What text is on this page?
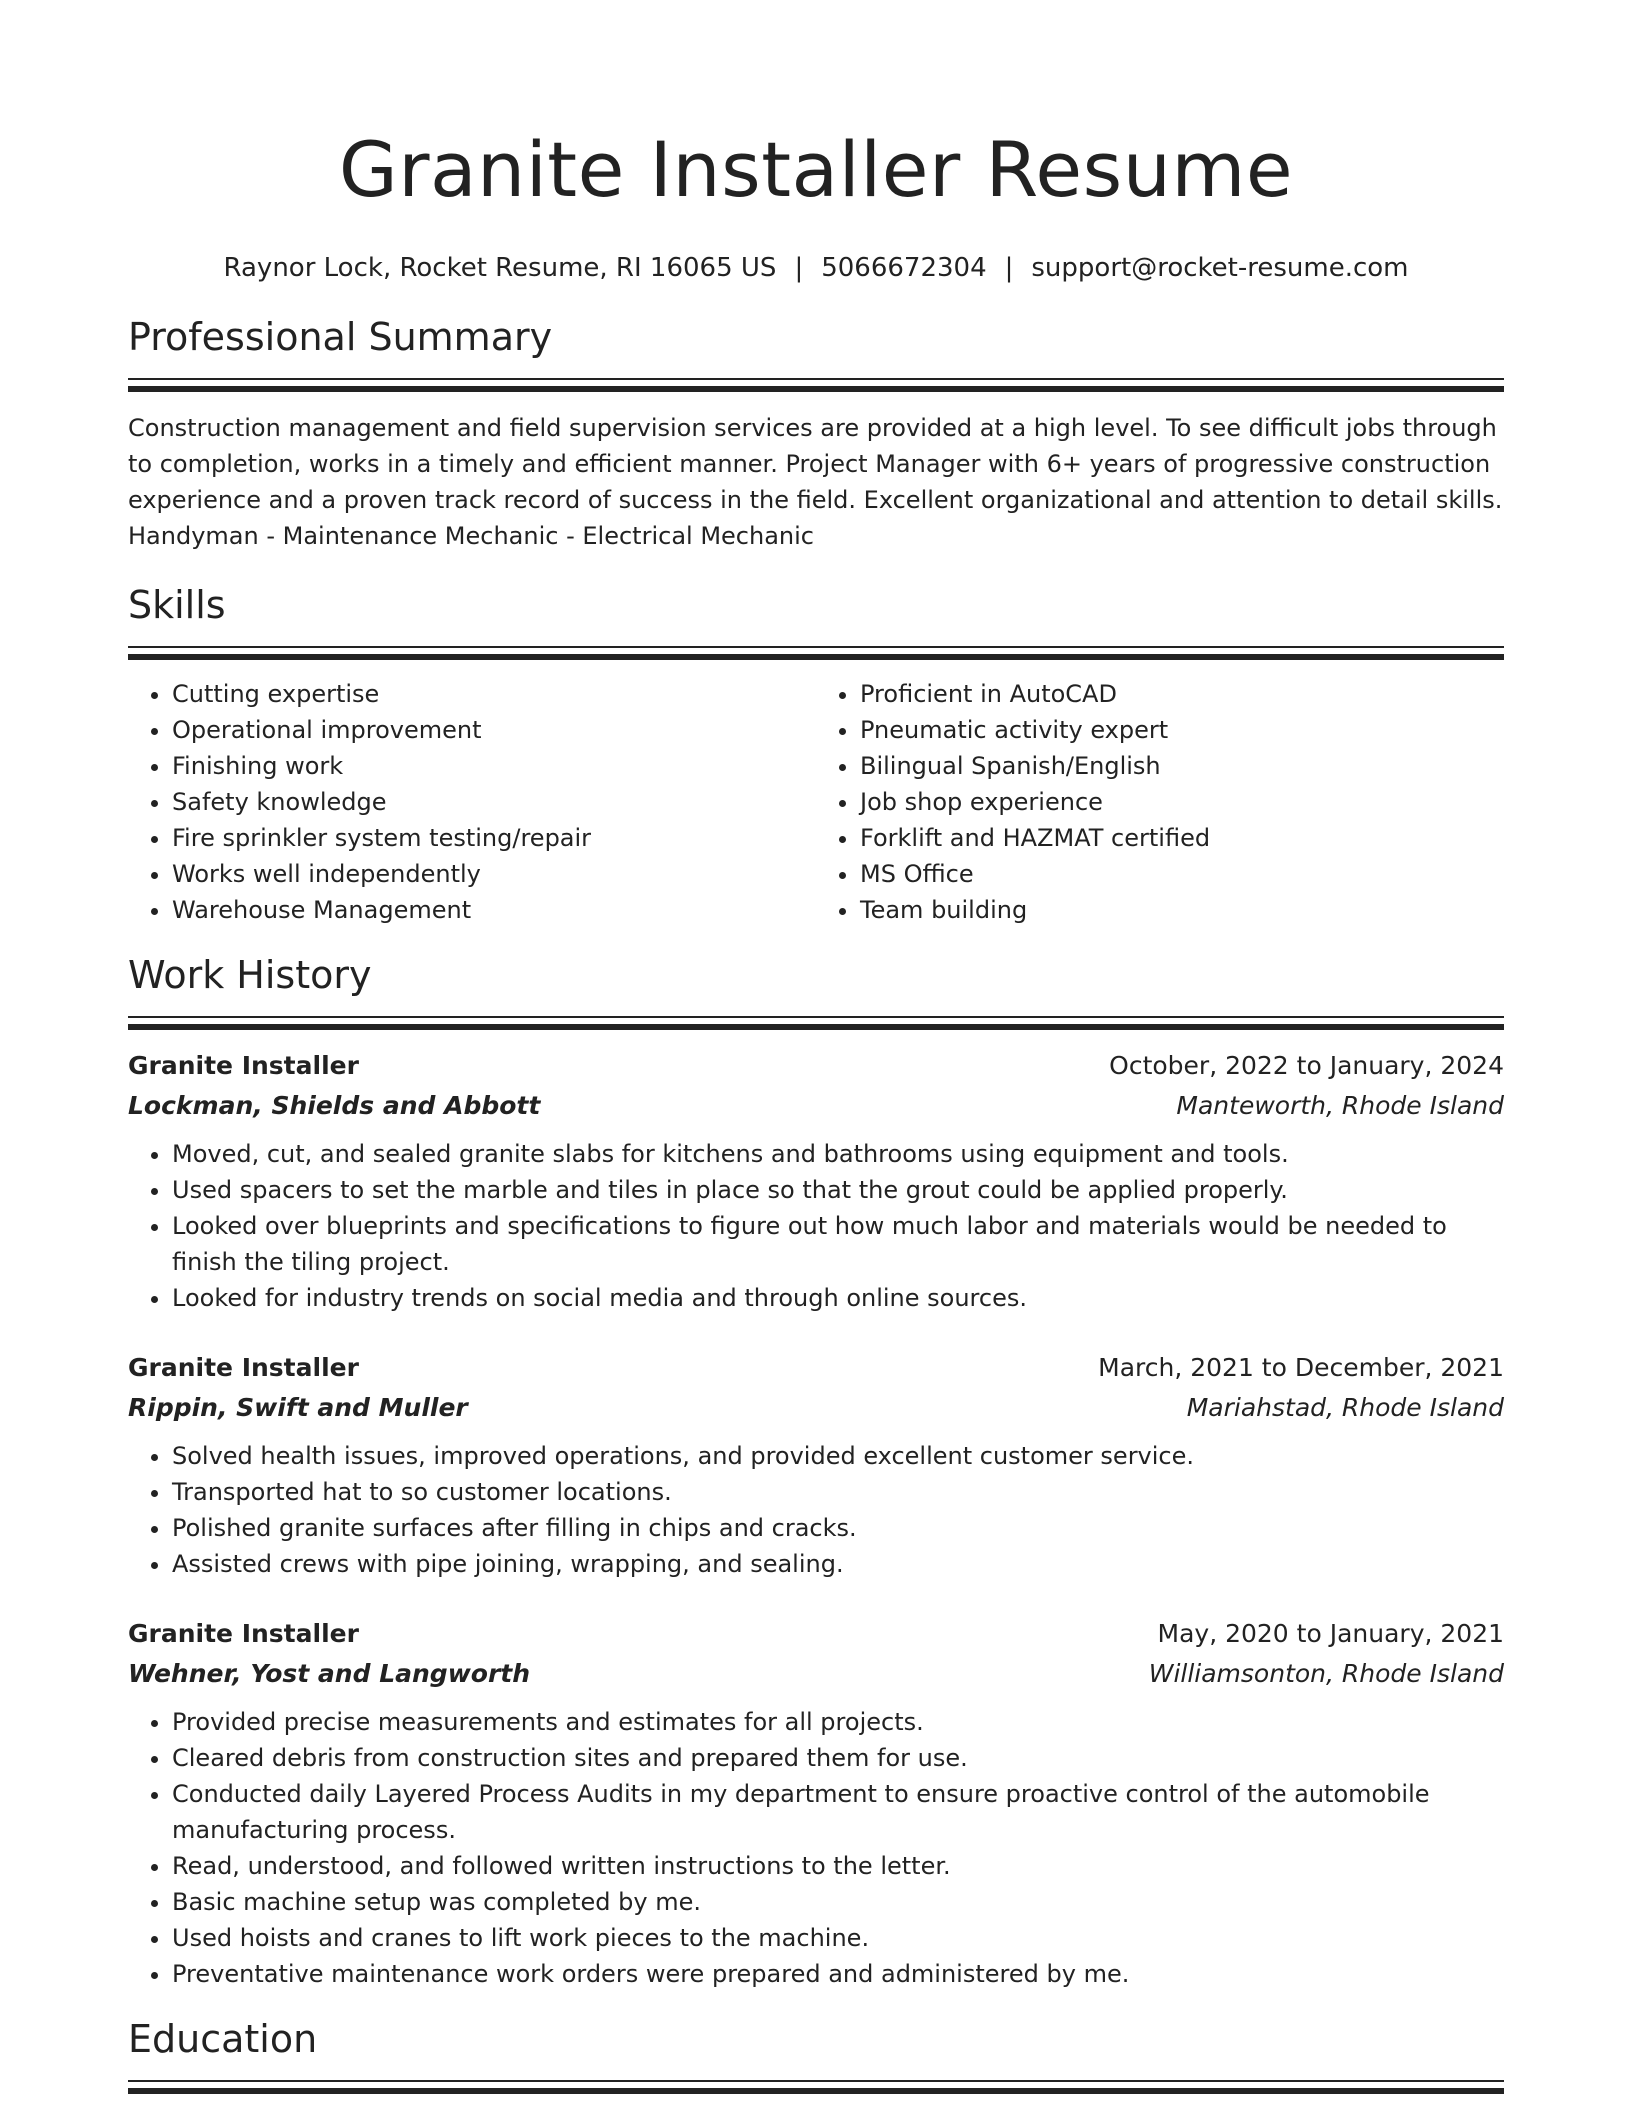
Granite Installer Resume
Raynor Lock, Rocket Resume, RI 16065 US | 5066672304 | support@rocket-resume.com
Professional Summary

Construction management and field supervision services are provided at a high level. To see difficult jobs through to completion, works in a timely and efficient manner. Project Manager with 6+ years of progressive construction experience and a proven track record of success in the field. Excellent organizational and attention to detail skills. Handyman - Maintenance Mechanic - Electrical Mechanic

Skills
• Cutting expertise
• Operational improvement
• Finishing work
• Safety knowledge
• Fire sprinkler system testing/repair
• Works well independently
• Warehouse Management
• Proficient in AutoCAD
• Pneumatic activity expert
• Bilingual Spanish/English
• Job shop experience
• Forklift and HAZMAT certified
• MS Office
• Team building
Work History
Granite Installer	October, 2022 to January, 2024
Lockman, Shields and Abbott	Manteworth, Rhode Island
• Moved, cut, and sealed granite slabs for kitchens and bathrooms using equipment and tools.
• Used spacers to set the marble and tiles in place so that the grout could be applied properly.
• Looked over blueprints and specifications to figure out how much labor and materials would be needed to finish the tiling project.
• Looked for industry trends on social media and through online sources.
Granite Installer	March, 2021 to December, 2021
Rippin, Swift and Muller	Mariahstad, Rhode Island
• Solved health issues, improved operations, and provided excellent customer service.
• Transported hat to so customer locations.
• Polished granite surfaces after filling in chips and cracks.
• Assisted crews with pipe joining, wrapping, and sealing.
Granite Installer	May, 2020 to January, 2021
Wehner, Yost and Langworth	Williamsonton, Rhode Island
• Provided precise measurements and estimates for all projects.
• Cleared debris from construction sites and prepared them for use.
• Conducted daily Layered Process Audits in my department to ensure proactive control of the automobile manufacturing process.
• Read, understood, and followed written instructions to the letter.
• Basic machine setup was completed by me.
• Used hoists and cranes to lift work pieces to the machine.
• Preventative maintenance work orders were prepared and administered by me.
Education
